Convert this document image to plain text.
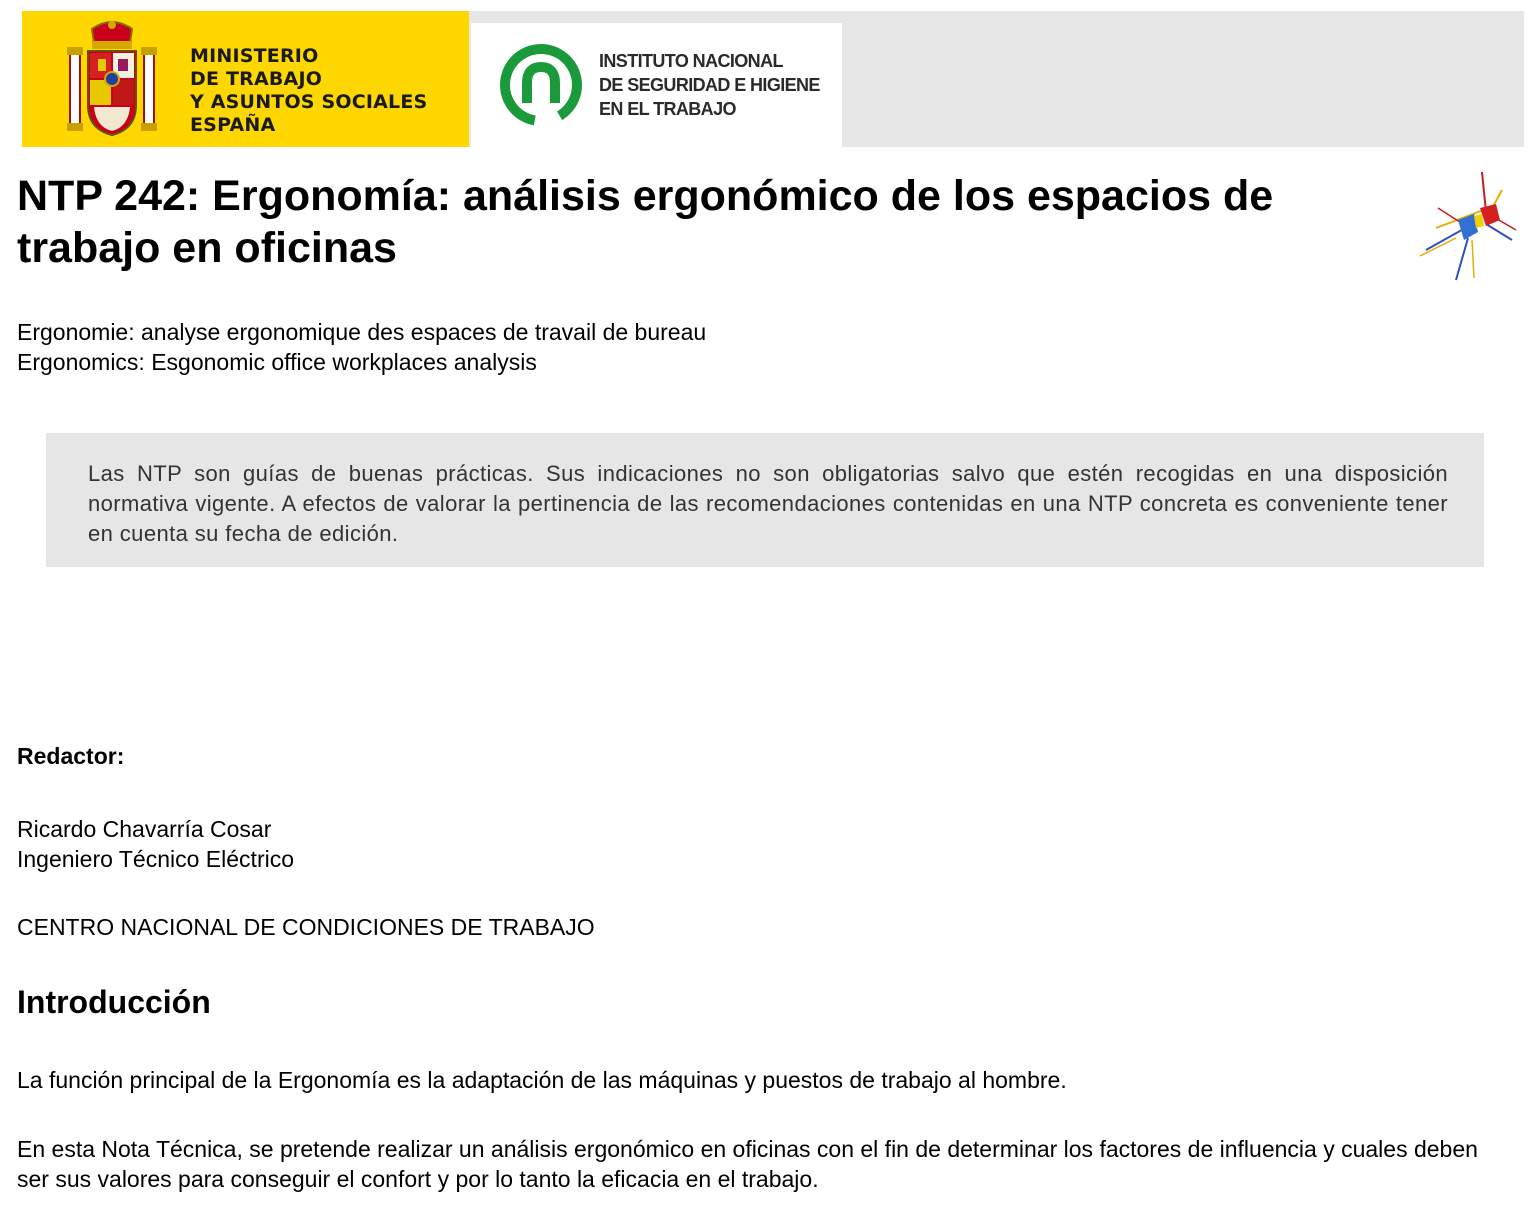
MINISTERIO
DE TRABAJO
Y ASUNTOS SOCIALES
ESPAÑA
INSTITUTO NACIONAL
DE SEGURIDAD E HIGIENE
EN EL TRABAJO
NTP 242: Ergonomía: análisis ergonómico de los espacios de trabajo en oficinas
Ergonomie: analyse ergonomique des espaces de travail de bureau
Ergonomics: Esgonomic office workplaces analysis

Las NTP son guías de buenas prácticas. Sus indicaciones no son obligatorias salvo que estén recogidas en una disposición normativa vigente. A efectos de valorar la pertinencia de las recomendaciones contenidas en una NTP concreta es conveniente tener en cuenta su fecha de edición.

Redactor:
Ricardo Chavarría Cosar
Ingeniero Técnico Eléctrico
CENTRO NACIONAL DE CONDICIONES DE TRABAJO
Introducción

La función principal de la Ergonomía es la adaptación de las máquinas y puestos de trabajo al hombre.

En esta Nota Técnica, se pretende realizar un análisis ergonómico en oficinas con el fin de determinar los factores de influencia y cuales deben ser sus valores para conseguir el confort y por lo tanto la eficacia en el trabajo.
